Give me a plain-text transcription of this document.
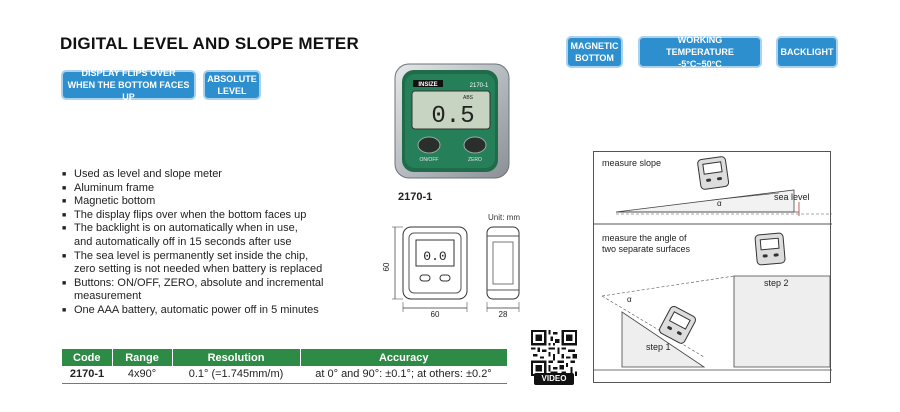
DIGITAL LEVEL AND SLOPE METER
DISPLAY FLIPS OVER WHEN THE BOTTOM FACES UP
ABSOLUTE LEVEL
MAGNETIC BOTTOM
WORKING TEMPERATURE -5°C~50°C
BACKLIGHT
INSIZE	2170-1
0.5
ABS
ON/OFF	ZERO
2170-1
■ Used as level and slope meter
■ Aluminum frame
■ Magnetic bottom
■ The display flips over when the bottom faces up
■ The backlight is on automatically when in use,
and automatically off in 15 seconds after use
■ The sea level is permanently set inside the chip,
zero setting is not needed when battery is replaced
■ Buttons: ON/OFF, ZERO, absolute and incremental
measurement
■ One AAA battery, automatic power off in 5 minutes
Unit: mm
0.0
60
60	28
Code	Range	Resolution	Accuracy
2170-1	4x90°	0.1° (=1.745mm/m)	at 0° and 90°: ±0.1°; at others: ±0.2°	VIDEO
α
α
measure slope
sea level
measure the angle of
two separate surfaces
step 2
step 1
